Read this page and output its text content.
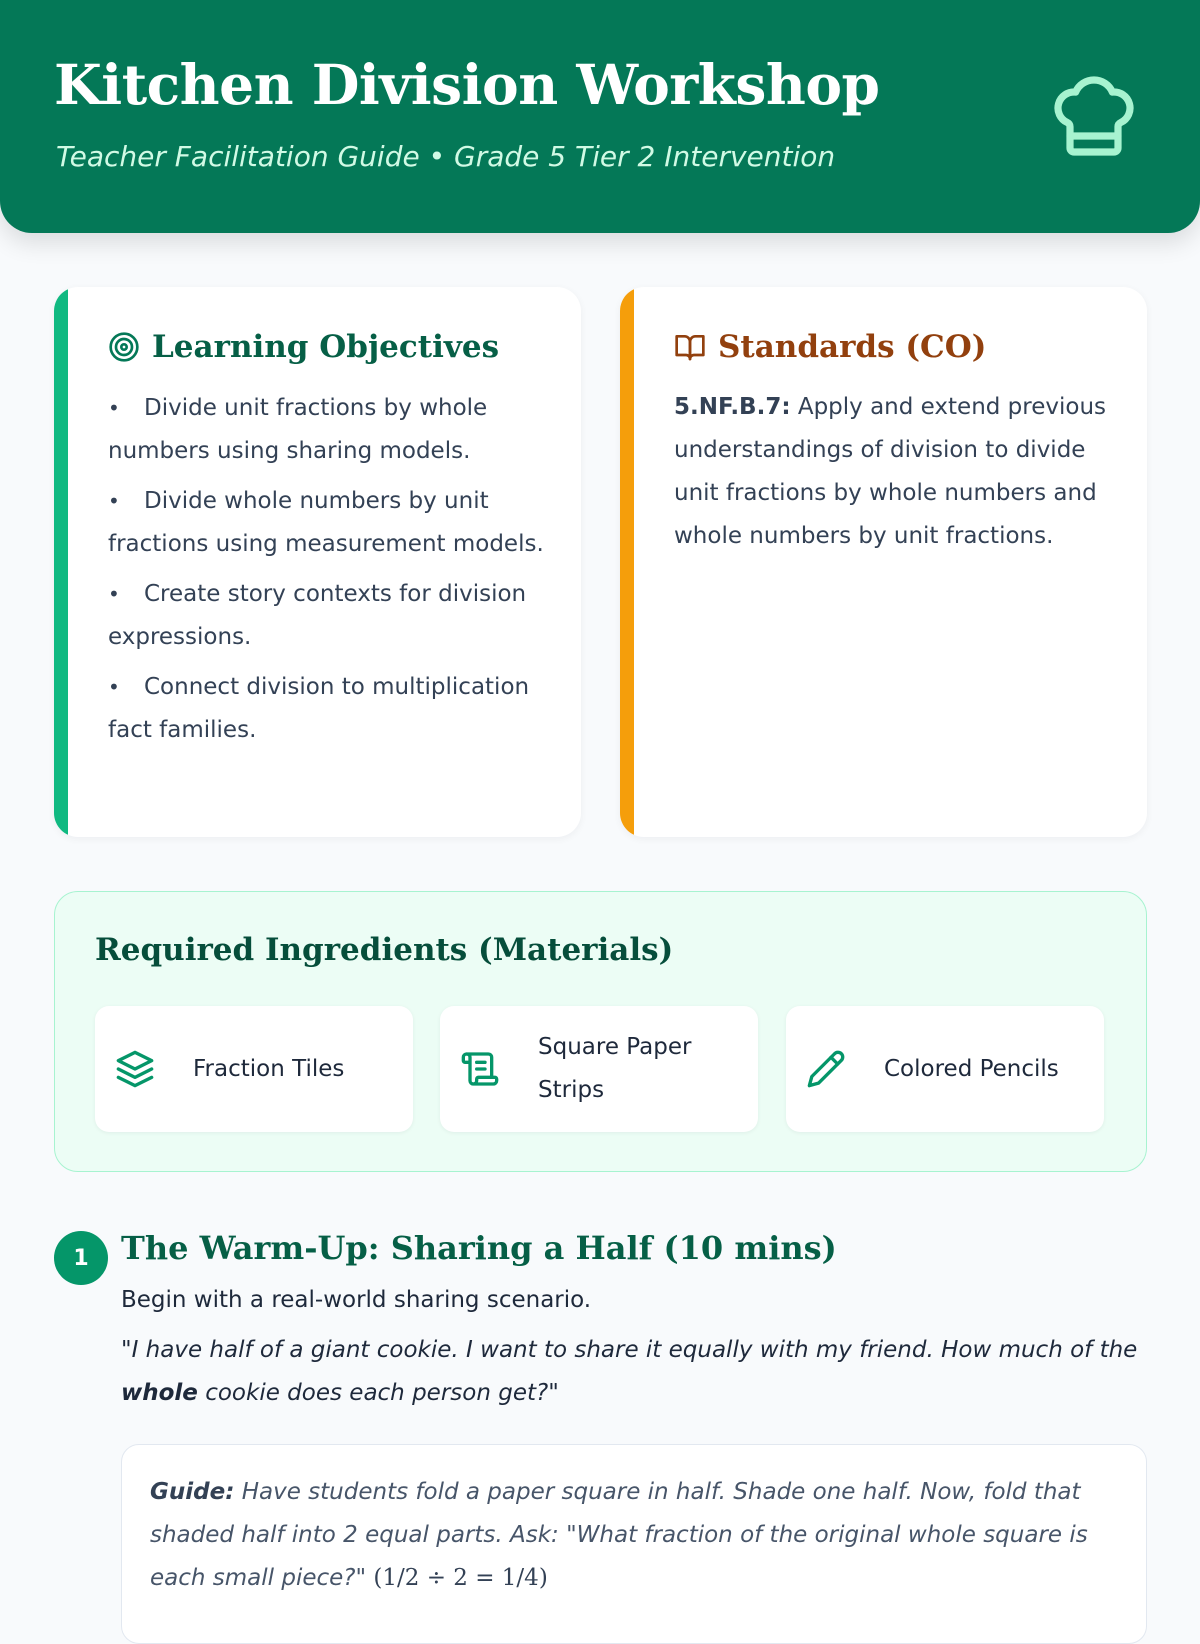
Kitchen Division Workshop
Teacher Facilitation Guide • Grade 5 Tier 2 Intervention
Learning Objectives
• Divide unit fractions by whole numbers using sharing models.
• Divide whole numbers by unit fractions using measurement models.
• Create story contexts for division expressions.
• Connect division to multiplication fact families.
Standards (CO)
5.NF.B.7: Apply and extend previous understandings of division to divide unit fractions by whole numbers and whole numbers by unit fractions.
Required Ingredients (Materials)
Fraction Tiles
Square Paper Strips
Colored Pencils
1	The Warm-Up: Sharing a Half (10 mins)
Begin with a real-world sharing scenario.
"I have half of a giant cookie. I want to share it equally with my friend. How much of the whole cookie does each person get?"

Guide: Have students fold a paper square in half. Shade one half. Now, fold that shaded half into 2 equal parts. Ask: "What fraction of the original whole square is each small piece?" (1/2 ÷ 2 = 1/4)
